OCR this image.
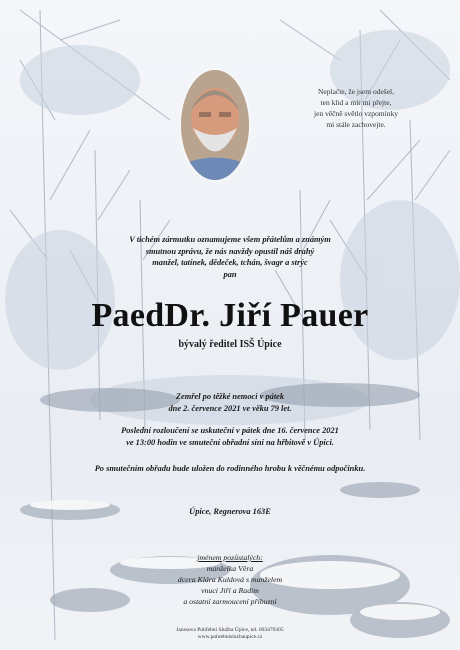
Neplačte, že jsem odešel,
ten klid a mír mi přejte,
jen věčně světlo vzpomínky
mi stále zachovejte.
V tichém zármutku oznamujeme všem přátelům a známým
smutnou zprávu, že nás navždy opustil náš drahý
manžel, tatínek, dědeček, tchán, švagr a strýc
pan
PaedDr. Jiří Pauer
bývalý ředitel ISŠ Úpice
Zemřel po těžké nemoci v pátek
dne 2. července 2021 ve věku 79 let.
Poslední rozloučení se uskuteční v pátek dne 16. července 2021
ve 13:00 hodin ve smuteční obřadní síni na hřbitově v Úpici.
Po smutečním obřadu bude uložen do rodinného hrobu k věčnému odpočinku.
Úpice, Regnerova 163E
jménem pozůstalých:
manželka Věra
dcera Klára Kuldová s manželem
vnuci Jiří a Radim
a ostatní zarmoucení příbuzní
Janssova Pohřební Služba Úpice, tel. 603470305
www.pohrebnisluzbaupice.cz
